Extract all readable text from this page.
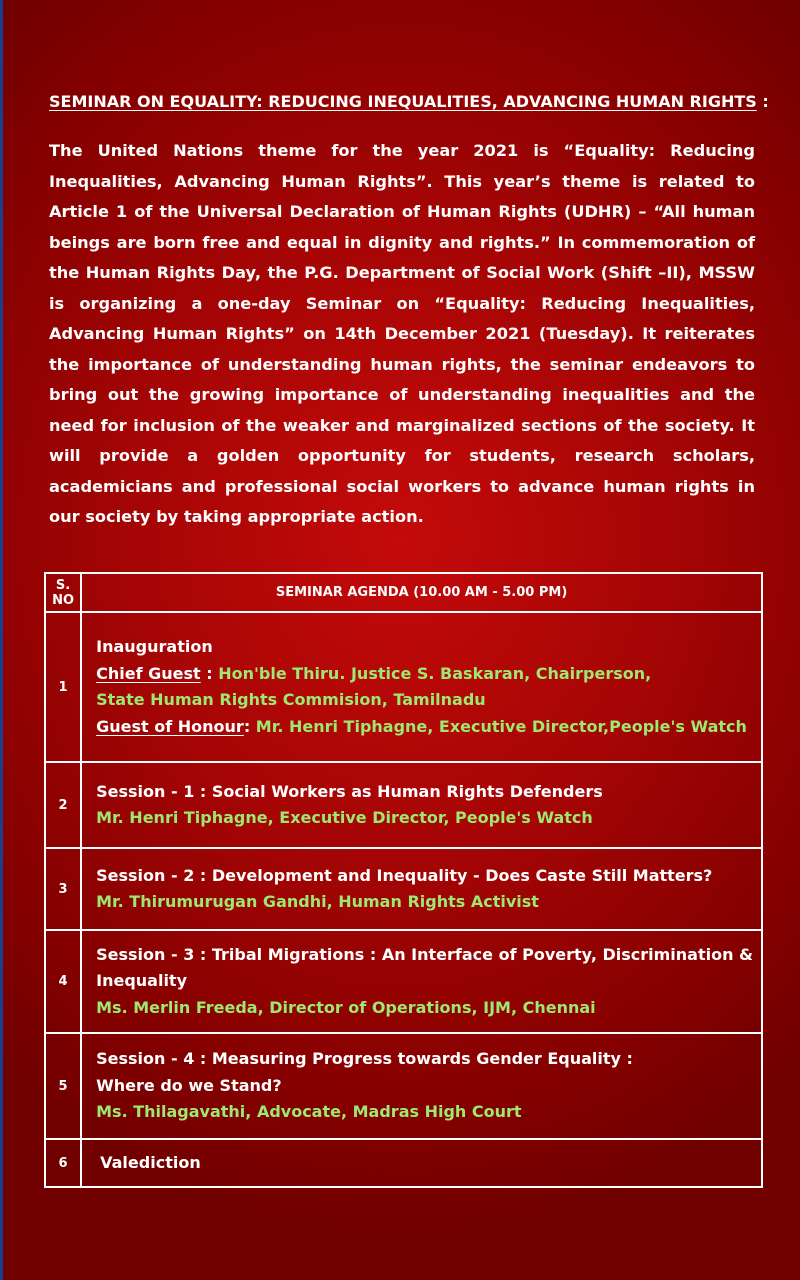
SEMINAR ON EQUALITY: REDUCING INEQUALITIES, ADVANCING HUMAN RIGHTS :
The United Nations theme for the year 2021 is “Equality: Reducing Inequalities, Advancing Human Rights”. This year’s theme is related to Article 1 of the Universal Declaration of Human Rights (UDHR) – “All human beings are born free and equal in dignity and rights.” In commemoration of the Human Rights Day, the P.G. Department of Social Work (Shift –II), MSSW is organizing a one-day Seminar on “Equality: Reducing Inequalities, Advancing Human Rights” on 14th December 2021 (Tuesday). It reiterates the importance of understanding human rights, the seminar endeavors to bring out the growing importance of understanding inequalities and the need for inclusion of the weaker and marginalized sections of the society. It will provide a golden opportunity for students, research scholars, academicians and professional social workers to advance human rights in our society by taking appropriate action.
S. NO	SEMINAR AGENDA (10.00 AM - 5.00 PM)
1	Inauguration
Chief Guest : Hon'ble Thiru. Justice S. Baskaran, Chairperson,
State Human Rights Commision, Tamilnadu
Guest of Honour: Mr. Henri Tiphagne, Executive Director,People's Watch

2	Session - 1 : Social Workers as Human Rights Defenders
Mr. Henri Tiphagne, Executive Director, People's Watch

3	Session - 2 : Development and Inequality - Does Caste Still Matters?
Mr. Thirumurugan Gandhi, Human Rights Activist

4	Session - 3 : Tribal Migrations : An Interface of Poverty, Discrimination &
Inequality
Ms. Merlin Freeda, Director of Operations, IJM, Chennai

5	Session - 4 : Measuring Progress towards Gender Equality :
Where do we Stand?
Ms. Thilagavathi, Advocate, Madras High Court

6	Valediction
